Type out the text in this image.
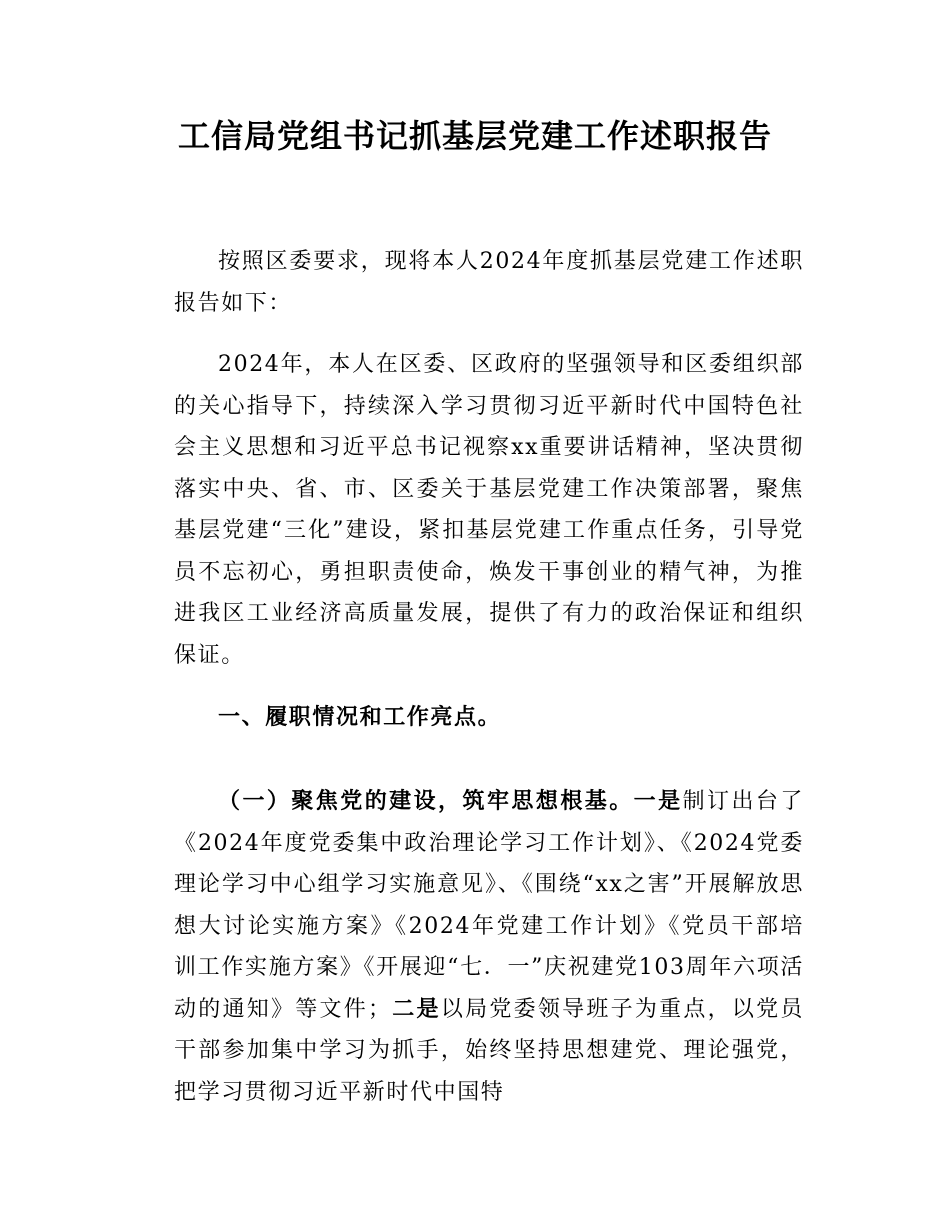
工信局党组书记抓基层党建工作述职报告

按照区委要求，现将本人2024年度抓基层党建工作述职报告如下：

2024年，本人在区委、区政府的坚强领导和区委组织部的关心指导下，持续深入学习贯彻习近平新时代中国特色社会主义思想和习近平总书记视察xx重要讲话精神，坚决贯彻落实中央、省、市、区委关于基层党建工作决策部署，聚焦基层党建“三化”建设，紧扣基层党建工作重点任务，引导党员不忘初心，勇担职责使命，焕发干事创业的精气神，为推进我区工业经济高质量发展，提供了有力的政治保证和组织保证。

一、履职情况和工作亮点。

（一）聚焦党的建设，筑牢思想根基。一是制订出台了《2024年度党委集中政治理论学习工作计划》、《2024党委理论学习中心组学习实施意见》、《围绕“xx之害”开展解放思想大讨论实施方案》《2024年党建工作计划》《党员干部培训工作实施方案》《开展迎“七．一”庆祝建党103周年六项活动的通知》等文件；二是以局党委领导班子为重点，以党员干部参加集中学习为抓手，始终坚持思想建党、理论强党，把学习贯彻习近平新时代中国特
